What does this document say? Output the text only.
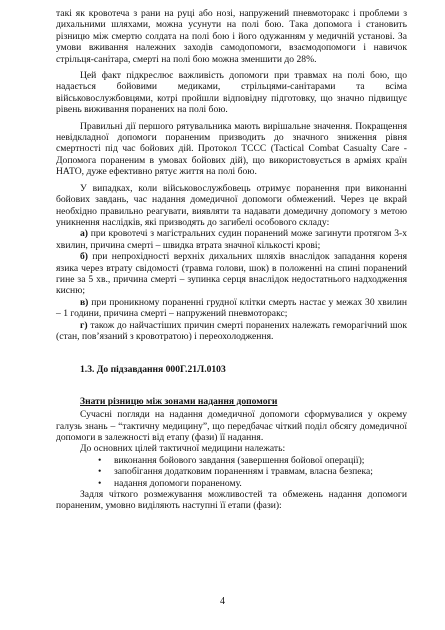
такі як кровотеча з рани на руці або нозі, напружений пневмоторакс і проблеми з дихальними шляхами, можна усунути на полі бою. Така допомога і становить різницю між смертю солдата на полі бою і його одужанням у медичній установі. За умови вживання належних заходів самодопомоги, взаємодопомоги і навичок стрільця-санітара, смерті на полі бою можна зменшити до 28%.

Цей факт підкреслює важливість допомоги при травмах на полі бою, що надається бойовими медиками, стрільцями-санітарами та всіма військовослужбовцями, котрі пройшли відповідну підготовку, що значно підвищує рівень виживання поранених на полі бою.

Правильні дії першого рятувальника мають вирішальне значення. Покращення невідкладної допомоги пораненим призводить до значного зниження рівня смертності під час бойових дій. Протокол ТССС (Tactical Combat Casualty Care - Допомога пораненим в умовах бойових дій), що використовується в арміях країн НАТО, дуже ефективно рятує життя на полі бою.

У випадках, коли військовослужбовець отримує поранення при виконанні бойових завдань, час надання домедичної допомоги обмежений. Через це вкрай необхідно правильно реагувати, виявляти та надавати домедичну допомогу з метою уникнення наслідків, які призводять до загибелі особового складу:

а) при кровотечі з магістральних судин поранений може загинути протягом 3-х хвилин, причина смерті – швидка втрата значної кількості крові;

б) при непрохідності верхніх дихальних шляхів внаслідок западання кореня язика через втрату свідомості (травма голови, шок) в положенні на спині поранений гине за 5 хв., причина смерті – зупинка серця внаслідок недостатнього надходження кисню;

в) при проникному пораненні грудної клітки смерть настає у межах 30 хвилин – 1 години, причина смерті – напружений пневмоторакс;

г) також до найчастіших причин смерті поранених належать геморагічний шок (стан, пов’язаний з кровотратою) і переохолодження.

1.3. До підзавдання 000Г.21Л.0103

Знати різницю між зонами надання допомоги

Сучасні погляди на надання домедичної допомоги сформувалися у окрему галузь знань – “тактичну медицину”, що передбачає чіткий поділ обсягу домедичної допомоги в залежності від етапу (фази) її надання.

До основних цілей тактичної медицини належать:

• виконання бойового завдання (завершення бойової операції);
• запобігання додатковим пораненням і травмам, власна безпека;
• надання допомоги пораненому.

Задля чіткого розмежування можливостей та обмежень надання допомоги пораненим, умовно виділяють наступні її етапи (фази):

4
